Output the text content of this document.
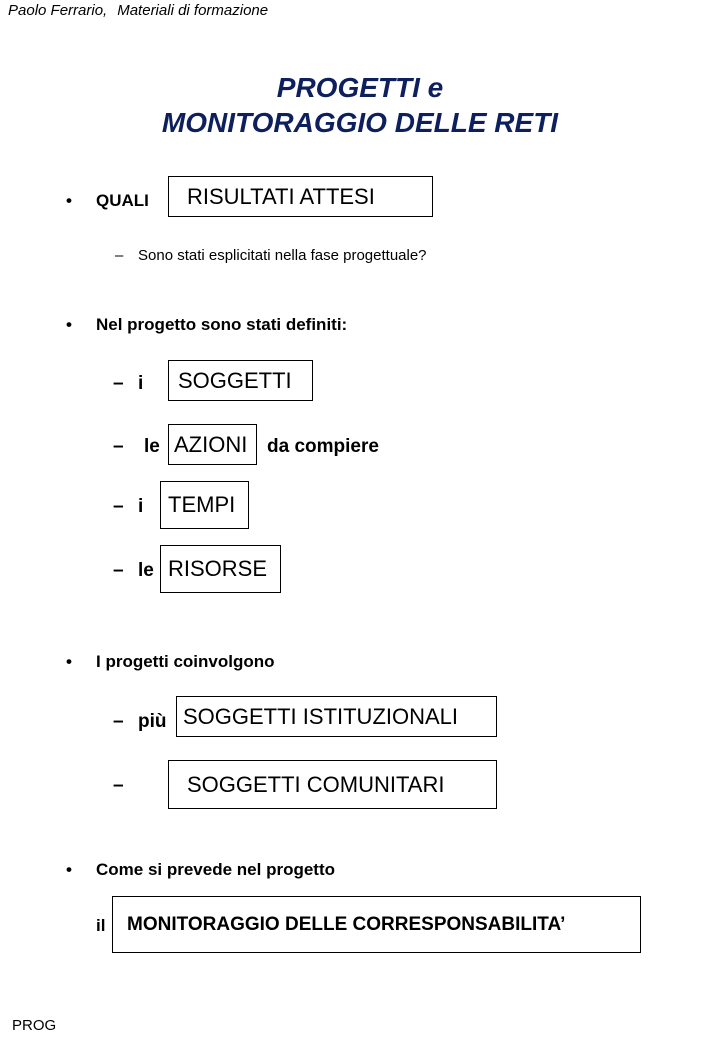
Paolo Ferrario, Materiali di formazione
PROGETTI e
MONITORAGGIO DELLE RETI
• QUALI RISULTATI ATTESI
– Sono stati esplicitati nella fase progettuale?
• Nel progetto sono stati definiti:
– i SOGGETTI
– le AZIONI da compiere
– i TEMPI
– le RISORSE
• I progetti coinvolgono
– più SOGGETTI ISTITUZIONALI
–	SOGGETTI COMUNITARI
• Come si prevede nel progetto
il MONITORAGGIO DELLE CORRESPONSABILITA’
PROG
